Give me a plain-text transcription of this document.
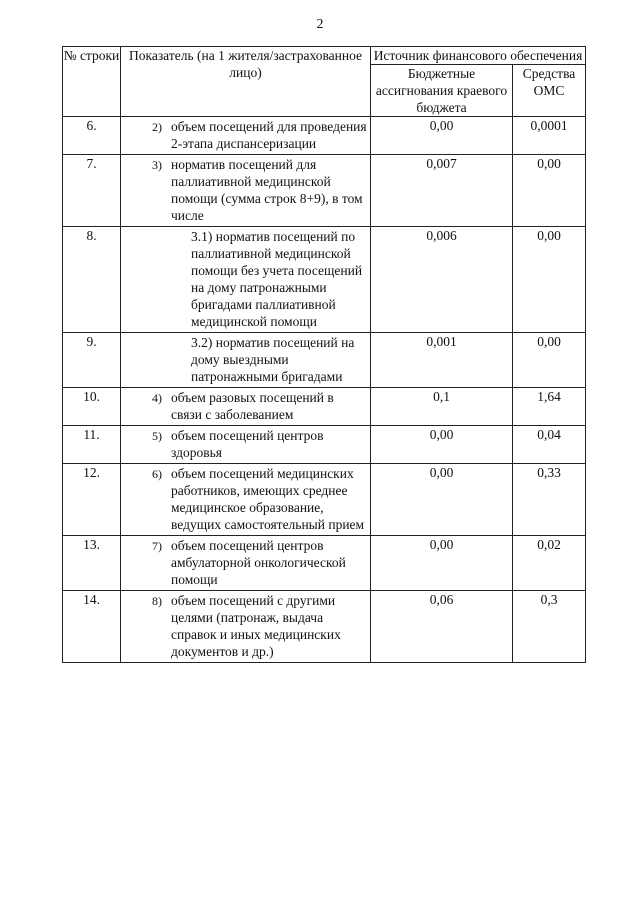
2
№ строки	Показатель (на 1 жителя/застрахованное лицо)	Источник финансового обеспечения	
		Бюджетные ассигнования краевого бюджета	Средства ОМС
6.	2) объем посещений для проведения 2-этапа диспансеризации	0,00	0,0001
7.	3) норматив посещений для паллиативной медицинской помощи (сумма строк 8+9), в том числе	0,007	0,00
8.	3.1) норматив посещений по паллиативной медицинской помощи без учета посещений на дому патронажными бригадами паллиативной медицинской помощи	0,006	0,00
9.	3.2) норматив посещений на дому выездными патронажными бригадами	0,001	0,00
10.	4) объем разовых посещений в связи с заболеванием	0,1	1,64
11.	5) объем посещений центров здоровья	0,00	0,04
12.	6) объем посещений медицинских работников, имеющих среднее медицинское образование, ведущих самостоятельный прием	0,00	0,33
13.	7) объем посещений центров амбулаторной онкологической помощи	0,00	0,02
14.	8) объем посещений с другими целями (патронаж, выдача справок и иных медицинских документов и др.)	0,06	0,3
